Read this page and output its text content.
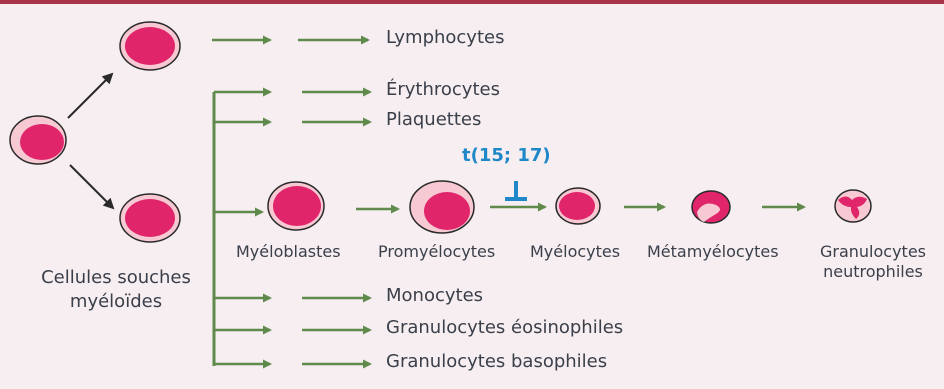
Lymphocytes
Érythrocytes
Plaquettes
t(15; 17)
Myéloblastes Promyélocytes Myélocytes Métamyélocytes	Granulocytes
neutrophiles
Cellules souches
myéloïdes	Monocytes
Granulocytes éosinophiles
Granulocytes basophiles
